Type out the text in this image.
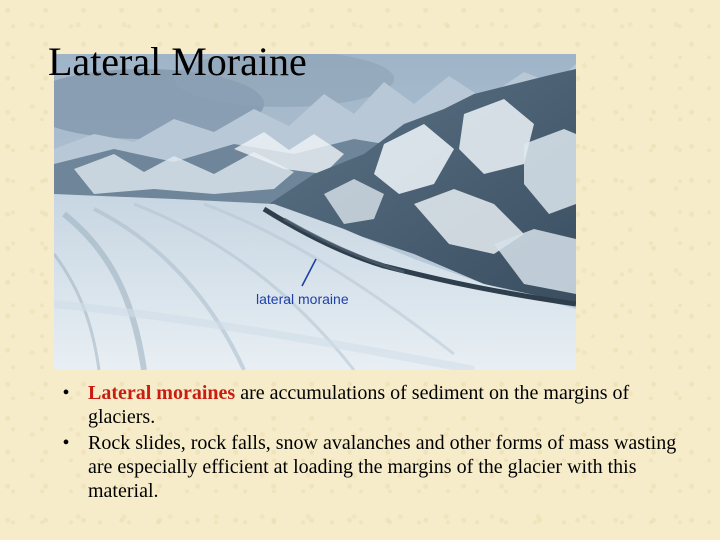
Lateral Moraine
lateral moraine
• Lateral moraines are accumulations of sediment on the margins of glaciers.
• Rock slides, rock falls, snow avalanches and other forms of mass wasting are especially efficient at loading the margins of the glacier with this material.
